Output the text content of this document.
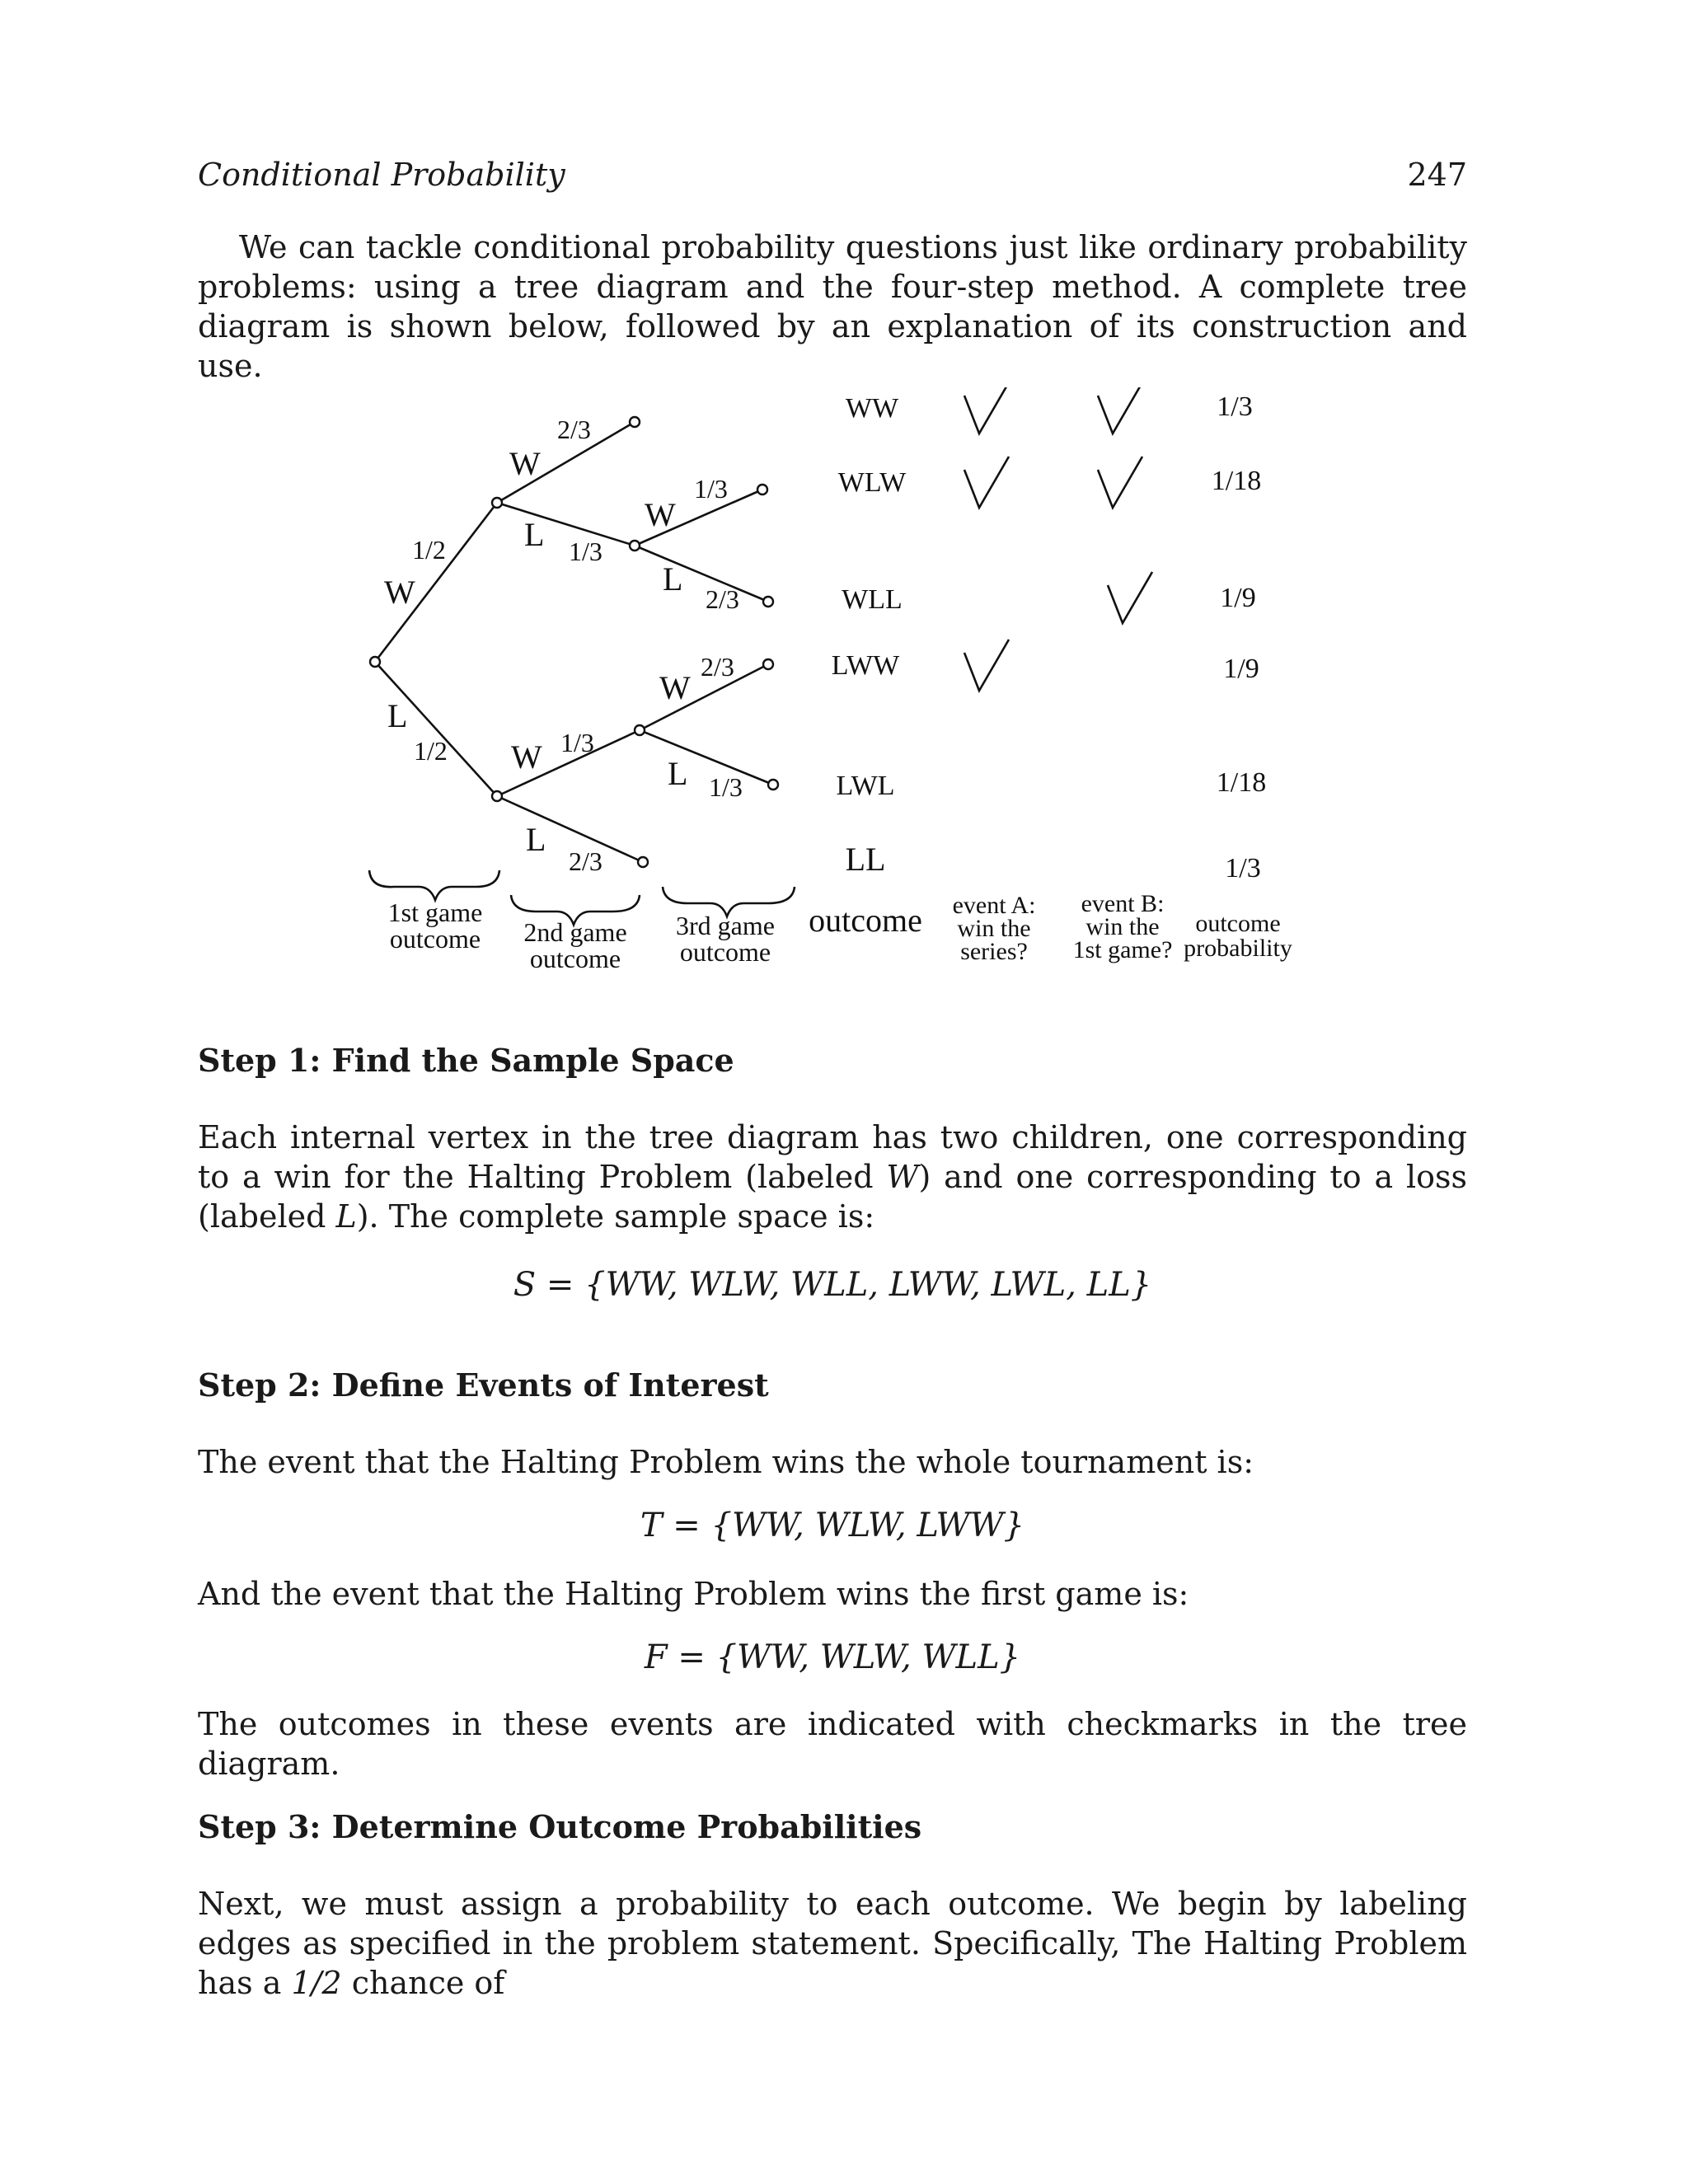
Conditional Probability	247

We can tackle conditional probability questions just like ordinary probability problems: using a tree diagram and the four-step method. A complete tree diagram is shown below, followed by an explanation of its construction and use.

W
1/2
L
1/2
W
2/3
L 1/3
W
1/3
L
2/3
W 1/3
L
2/3
W
2/3
L 1/3
WW
WLW
WLL
LWW
LWL
LL
1/3
1/18
1/9
1/9
1/18
1/3
1st game
outcome 2nd game
outcome
3rd game
outcome
outcome event A:
win the
series?
event B:
win the
1st game?
outcome
probability

Step 1: Find the Sample Space

Each internal vertex in the tree diagram has two children, one corresponding to a win for the Halting Problem (labeled W) and one corresponding to a loss (labeled L). The complete sample space is:

S = {WW, WLW, WLL, LWW, LWL, LL}

Step 2: Define Events of Interest

The event that the Halting Problem wins the whole tournament is:

T = {WW, WLW, LWW}

And the event that the Halting Problem wins the first game is:

F = {WW, WLW, WLL}

The outcomes in these events are indicated with checkmarks in the tree diagram.

Step 3: Determine Outcome Probabilities

Next, we must assign a probability to each outcome. We begin by labeling edges as specified in the problem statement. Specifically, The Halting Problem has a 1/2 chance of
